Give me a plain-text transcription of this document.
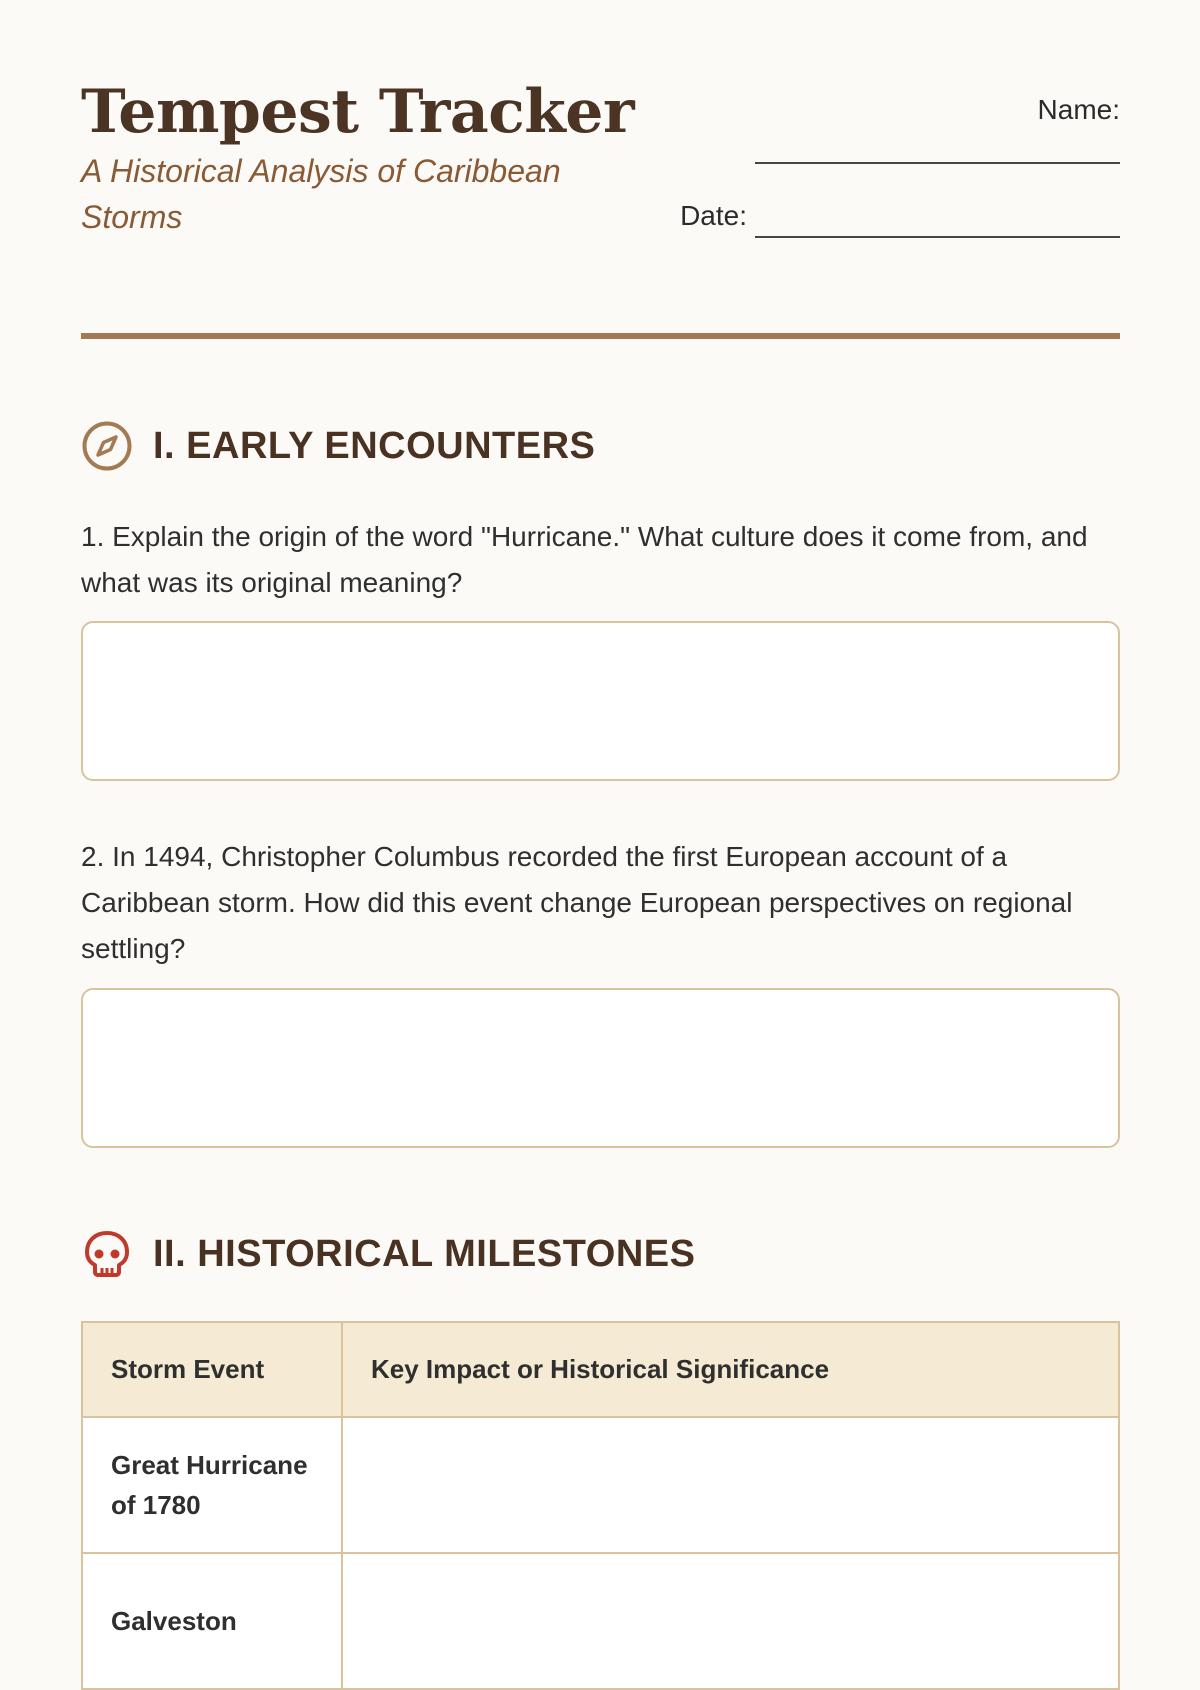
Tempest Tracker

A Historical Analysis of Caribbean Storms

Name:
Date:
I. EARLY ENCOUNTERS

1. Explain the origin of the word "Hurricane." What culture does it come from, and what was its original meaning?

2. In 1494, Christopher Columbus recorded the first European account of a Caribbean storm. How did this event change European perspectives on regional settling?

II. HISTORICAL MILESTONES
Storm Event	Key Impact or Historical Significance
Great Hurricane of 1780	
Galveston	
